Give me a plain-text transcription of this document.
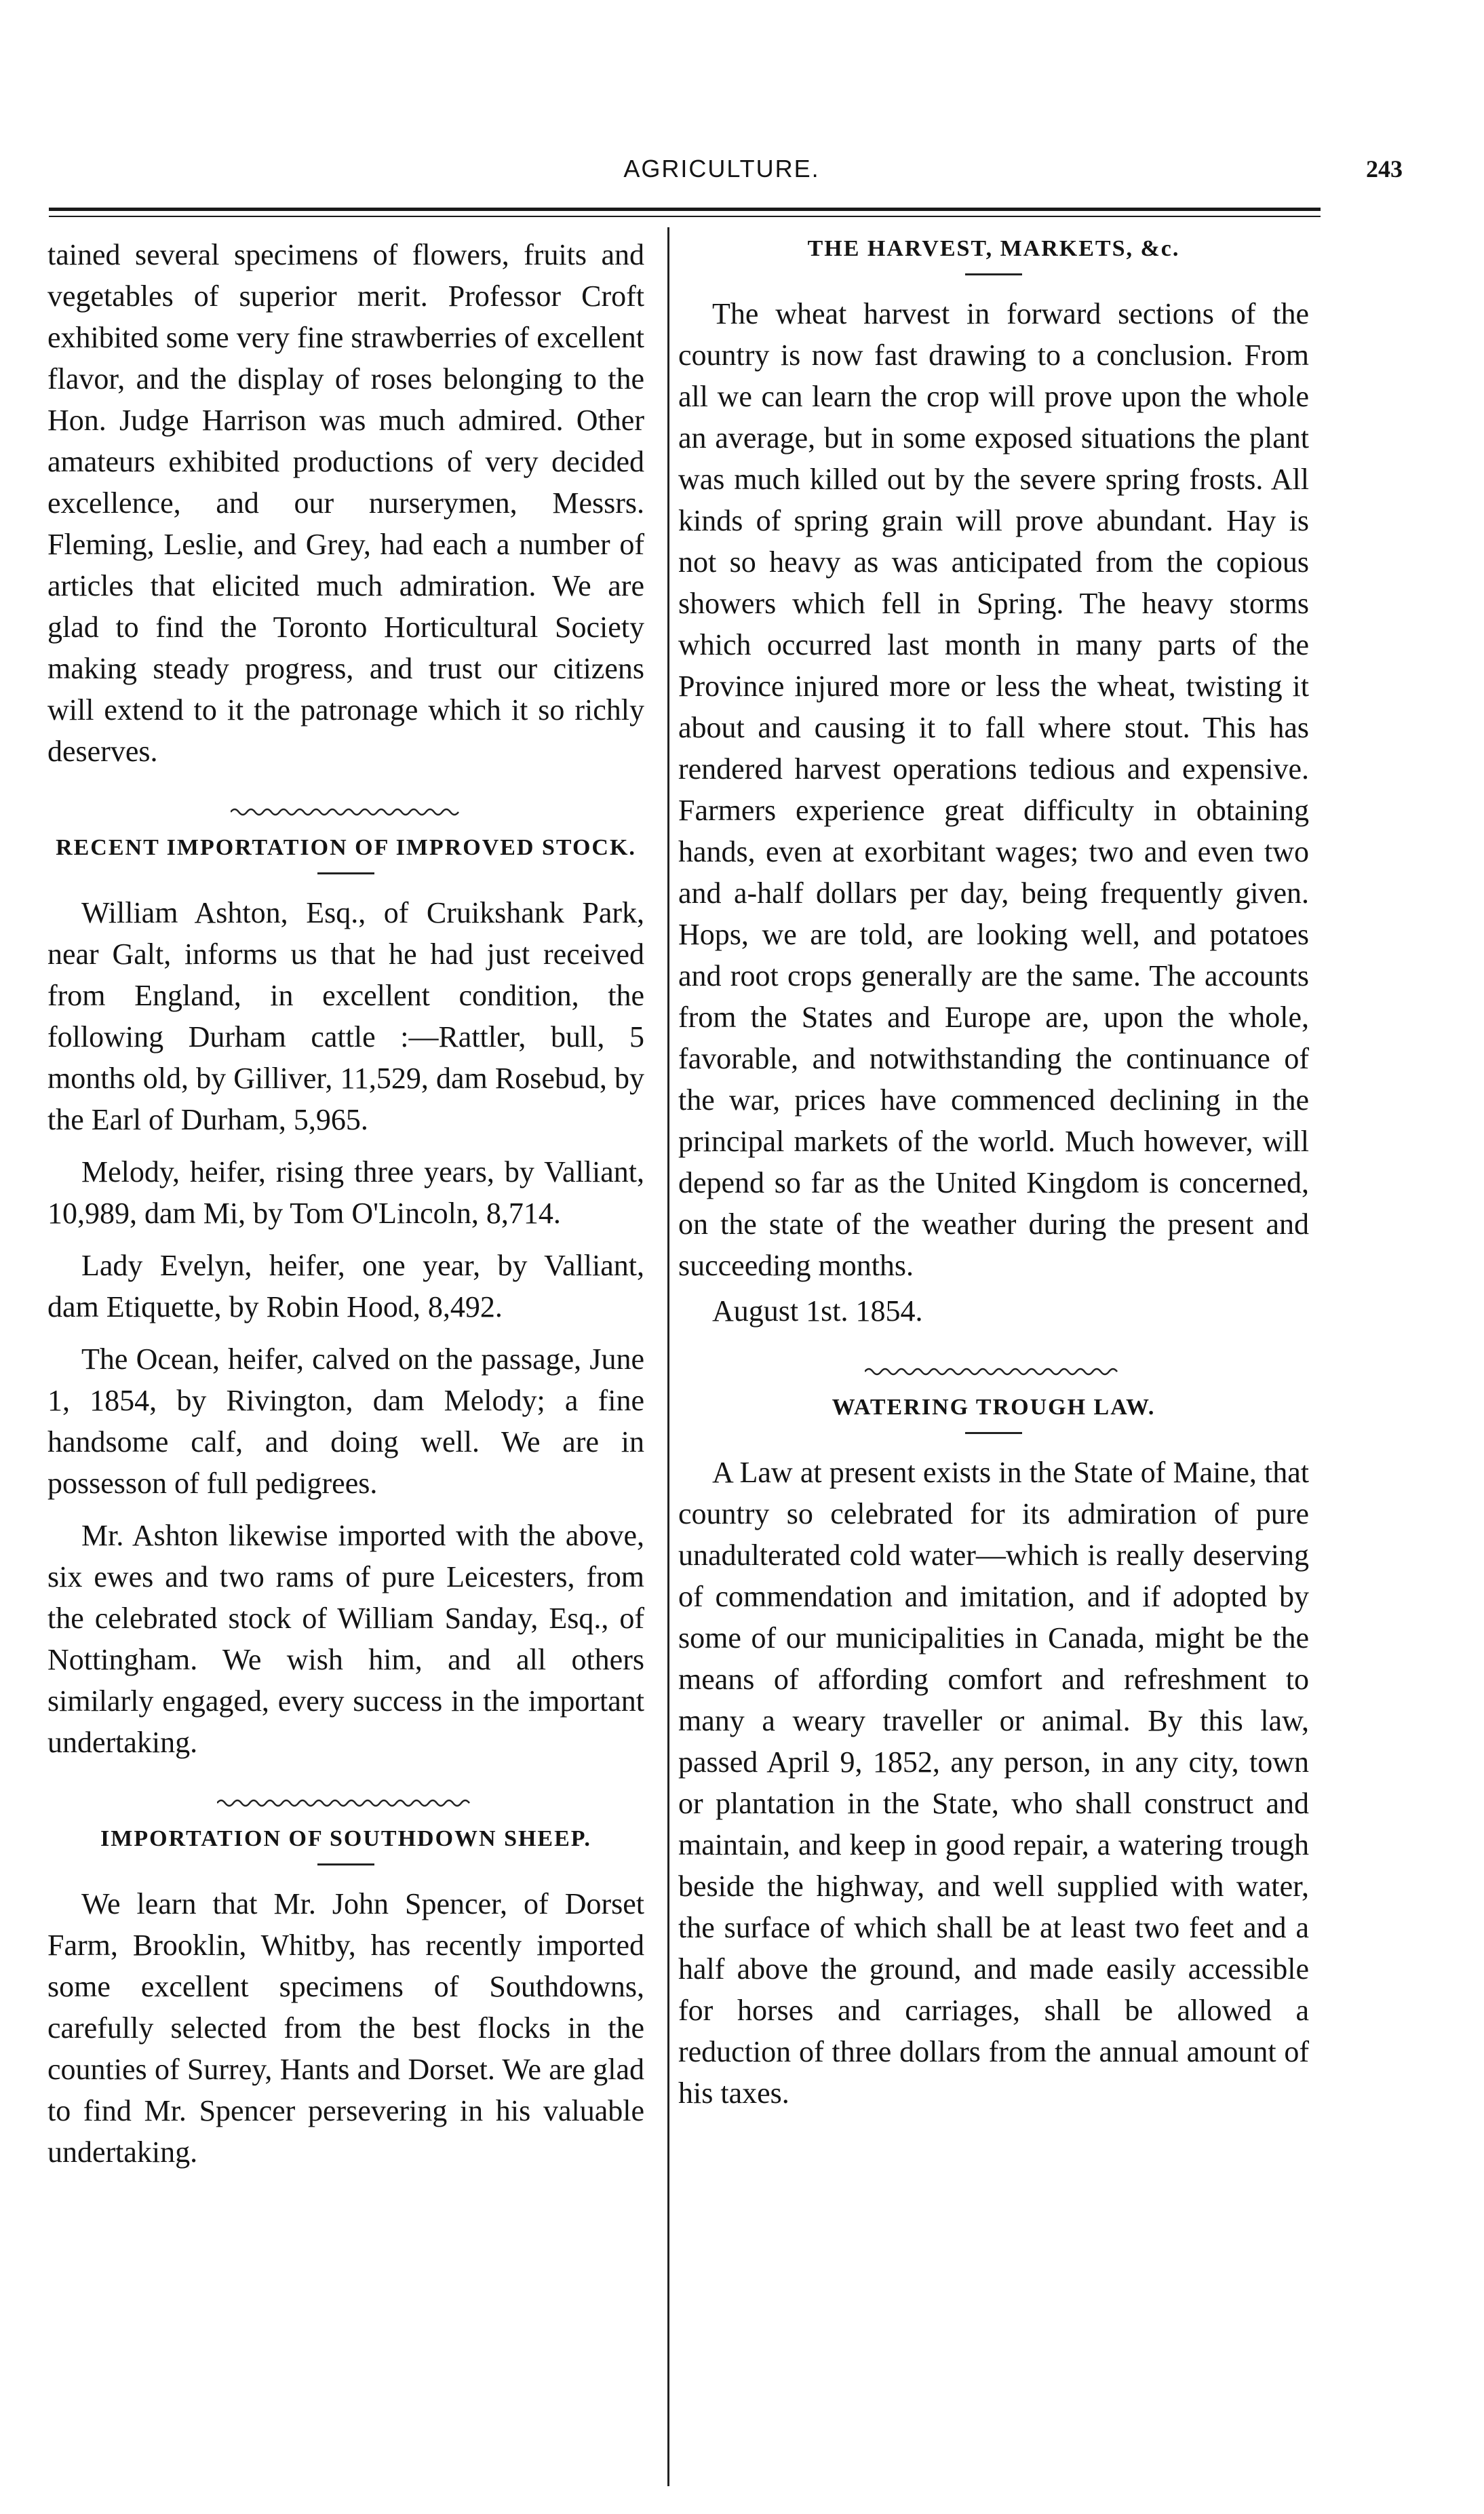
AGRICULTURE.	243

tained several specimens of flowers, fruits and vegetables of superior merit. Professor Croft exhibited some very fine strawberries of excellent flavor, and the display of roses belonging to the Hon. Judge Harrison was much admired. Other amateurs exhibited productions of very decided excellence, and our nurserymen, Messrs. Fleming, Leslie, and Grey, had each a number of articles that elicited much admiration. We are glad to find the Toronto Horticultural Society making steady progress, and trust our citizens will extend to it the patronage which it so richly deserves.

RECENT IMPORTATION OF IMPROVED STOCK.

William Ashton, Esq., of Cruikshank Park, near Galt, informs us that he had just received from England, in excellent condition, the following Durham cattle :—Rattler, bull, 5 months old, by Gilliver, 11,529, dam Rosebud, by the Earl of Durham, 5,965.

Melody, heifer, rising three years, by Valliant, 10,989, dam Mi, by Tom O'Lincoln, 8,714.

Lady Evelyn, heifer, one year, by Valliant, dam Etiquette, by Robin Hood, 8,492.

The Ocean, heifer, calved on the passage, June 1, 1854, by Rivington, dam Melody; a fine handsome calf, and doing well. We are in possesson of full pedigrees.

Mr. Ashton likewise imported with the above, six ewes and two rams of pure Leicesters, from the celebrated stock of William Sanday, Esq., of Nottingham. We wish him, and all others similarly engaged, every success in the important undertaking.

IMPORTATION OF SOUTHDOWN SHEEP.

We learn that Mr. John Spencer, of Dorset Farm, Brooklin, Whitby, has recently imported some excellent specimens of Southdowns, carefully selected from the best flocks in the counties of Surrey, Hants and Dorset. We are glad to find Mr. Spencer persevering in his valuable undertaking.

THE HARVEST, MARKETS, &c.

The wheat harvest in forward sections of the country is now fast drawing to a conclusion. From all we can learn the crop will prove upon the whole an average, but in some exposed situations the plant was much killed out by the severe spring frosts. All kinds of spring grain will prove abundant. Hay is not so heavy as was anticipated from the copious showers which fell in Spring. The heavy storms which occurred last month in many parts of the Province injured more or less the wheat, twisting it about and causing it to fall where stout. This has rendered harvest operations tedious and expensive. Farmers experience great difficulty in obtaining hands, even at exorbitant wages; two and even two and a-half dollars per day, being frequently given. Hops, we are told, are looking well, and potatoes and root crops generally are the same. The accounts from the States and Europe are, upon the whole, favorable, and notwithstanding the continuance of the war, prices have commenced declining in the principal markets of the world. Much however, will depend so far as the United Kingdom is concerned, on the state of the weather during the present and succeeding months.

August 1st. 1854.

WATERING TROUGH LAW.

A Law at present exists in the State of Maine, that country so celebrated for its admiration of pure unadulterated cold water—which is really deserving of commendation and imitation, and if adopted by some of our municipalities in Canada, might be the means of affording comfort and refreshment to many a weary traveller or animal. By this law, passed April 9, 1852, any person, in any city, town or plantation in the State, who shall construct and maintain, and keep in good repair, a watering trough beside the highway, and well supplied with water, the surface of which shall be at least two feet and a half above the ground, and made easily accessible for horses and carriages, shall be allowed a reduction of three dollars from the annual amount of his taxes.
